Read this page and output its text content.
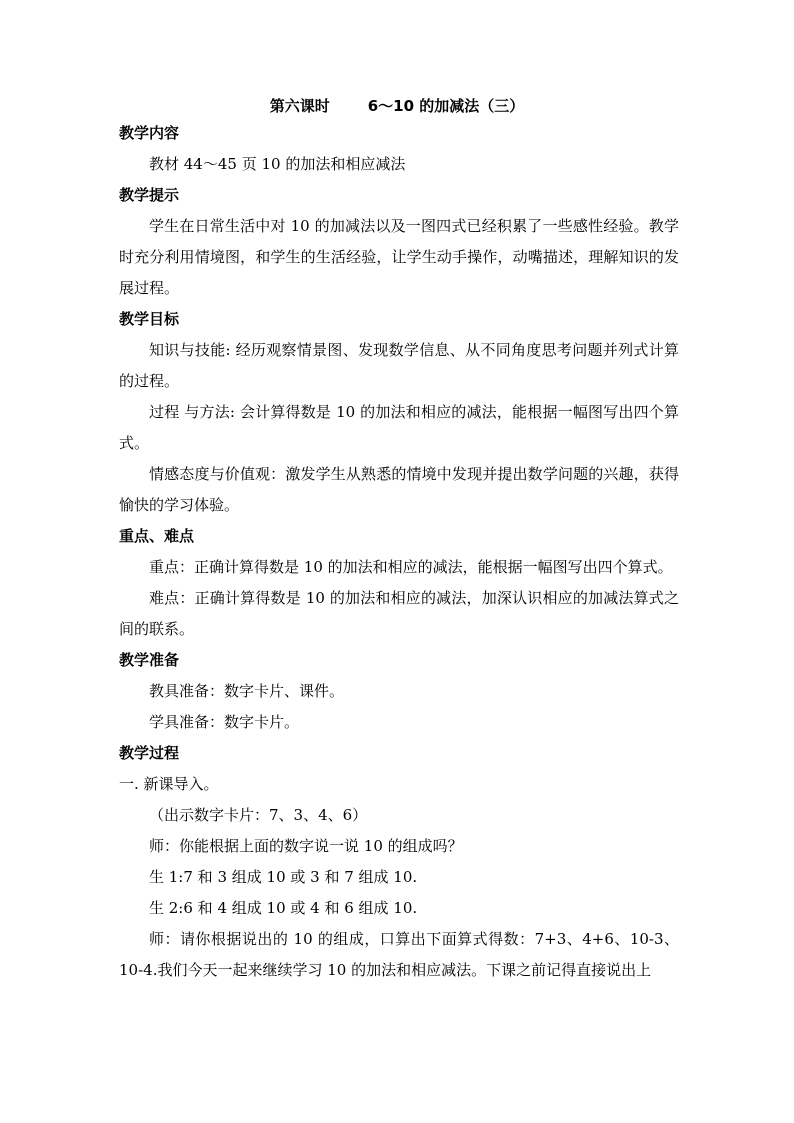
第六课时	6～10 的加减法（三）
教学内容
教材 44～45 页 10 的加法和相应减法
教学提示
学生在日常生活中对 10 的加减法以及一图四式已经积累了一些感性经验。教学时充分利用情境图，和学生的生活经验，让学生动手操作，动嘴描述，理解知识的发展过程。
教学目标
知识与技能: 经历观察情景图、发现数学信息、从不同角度思考问题并列式计算的过程。
过程 与方法: 会计算得数是 10 的加法和相应的减法，能根据一幅图写出四个算式。
情感态度与价值观：激发学生从熟悉的情境中发现并提出数学问题的兴趣，获得愉快的学习体验。
重点、难点
重点：正确计算得数是 10 的加法和相应的减法，能根据一幅图写出四个算式。
难点：正确计算得数是 10 的加法和相应的减法，加深认识相应的加减法算式之间的联系。
教学准备
教具准备：数字卡片、课件。
学具准备：数字卡片。
教学过程
一. 新课导入。
（出示数字卡片：7、3、4、6）
师：你能根据上面的数字说一说 10 的组成吗？
生 1:7 和 3 组成 10 或 3 和 7 组成 10.
生 2:6 和 4 组成 10 或 4 和 6 组成 10.
师：请你根据说出的 10 的组成，口算出下面算式得数：7+3、4+6、10-3、10-4.我们今天一起来继续学习 10 的加法和相应减法。下课之前记得直接说出上
